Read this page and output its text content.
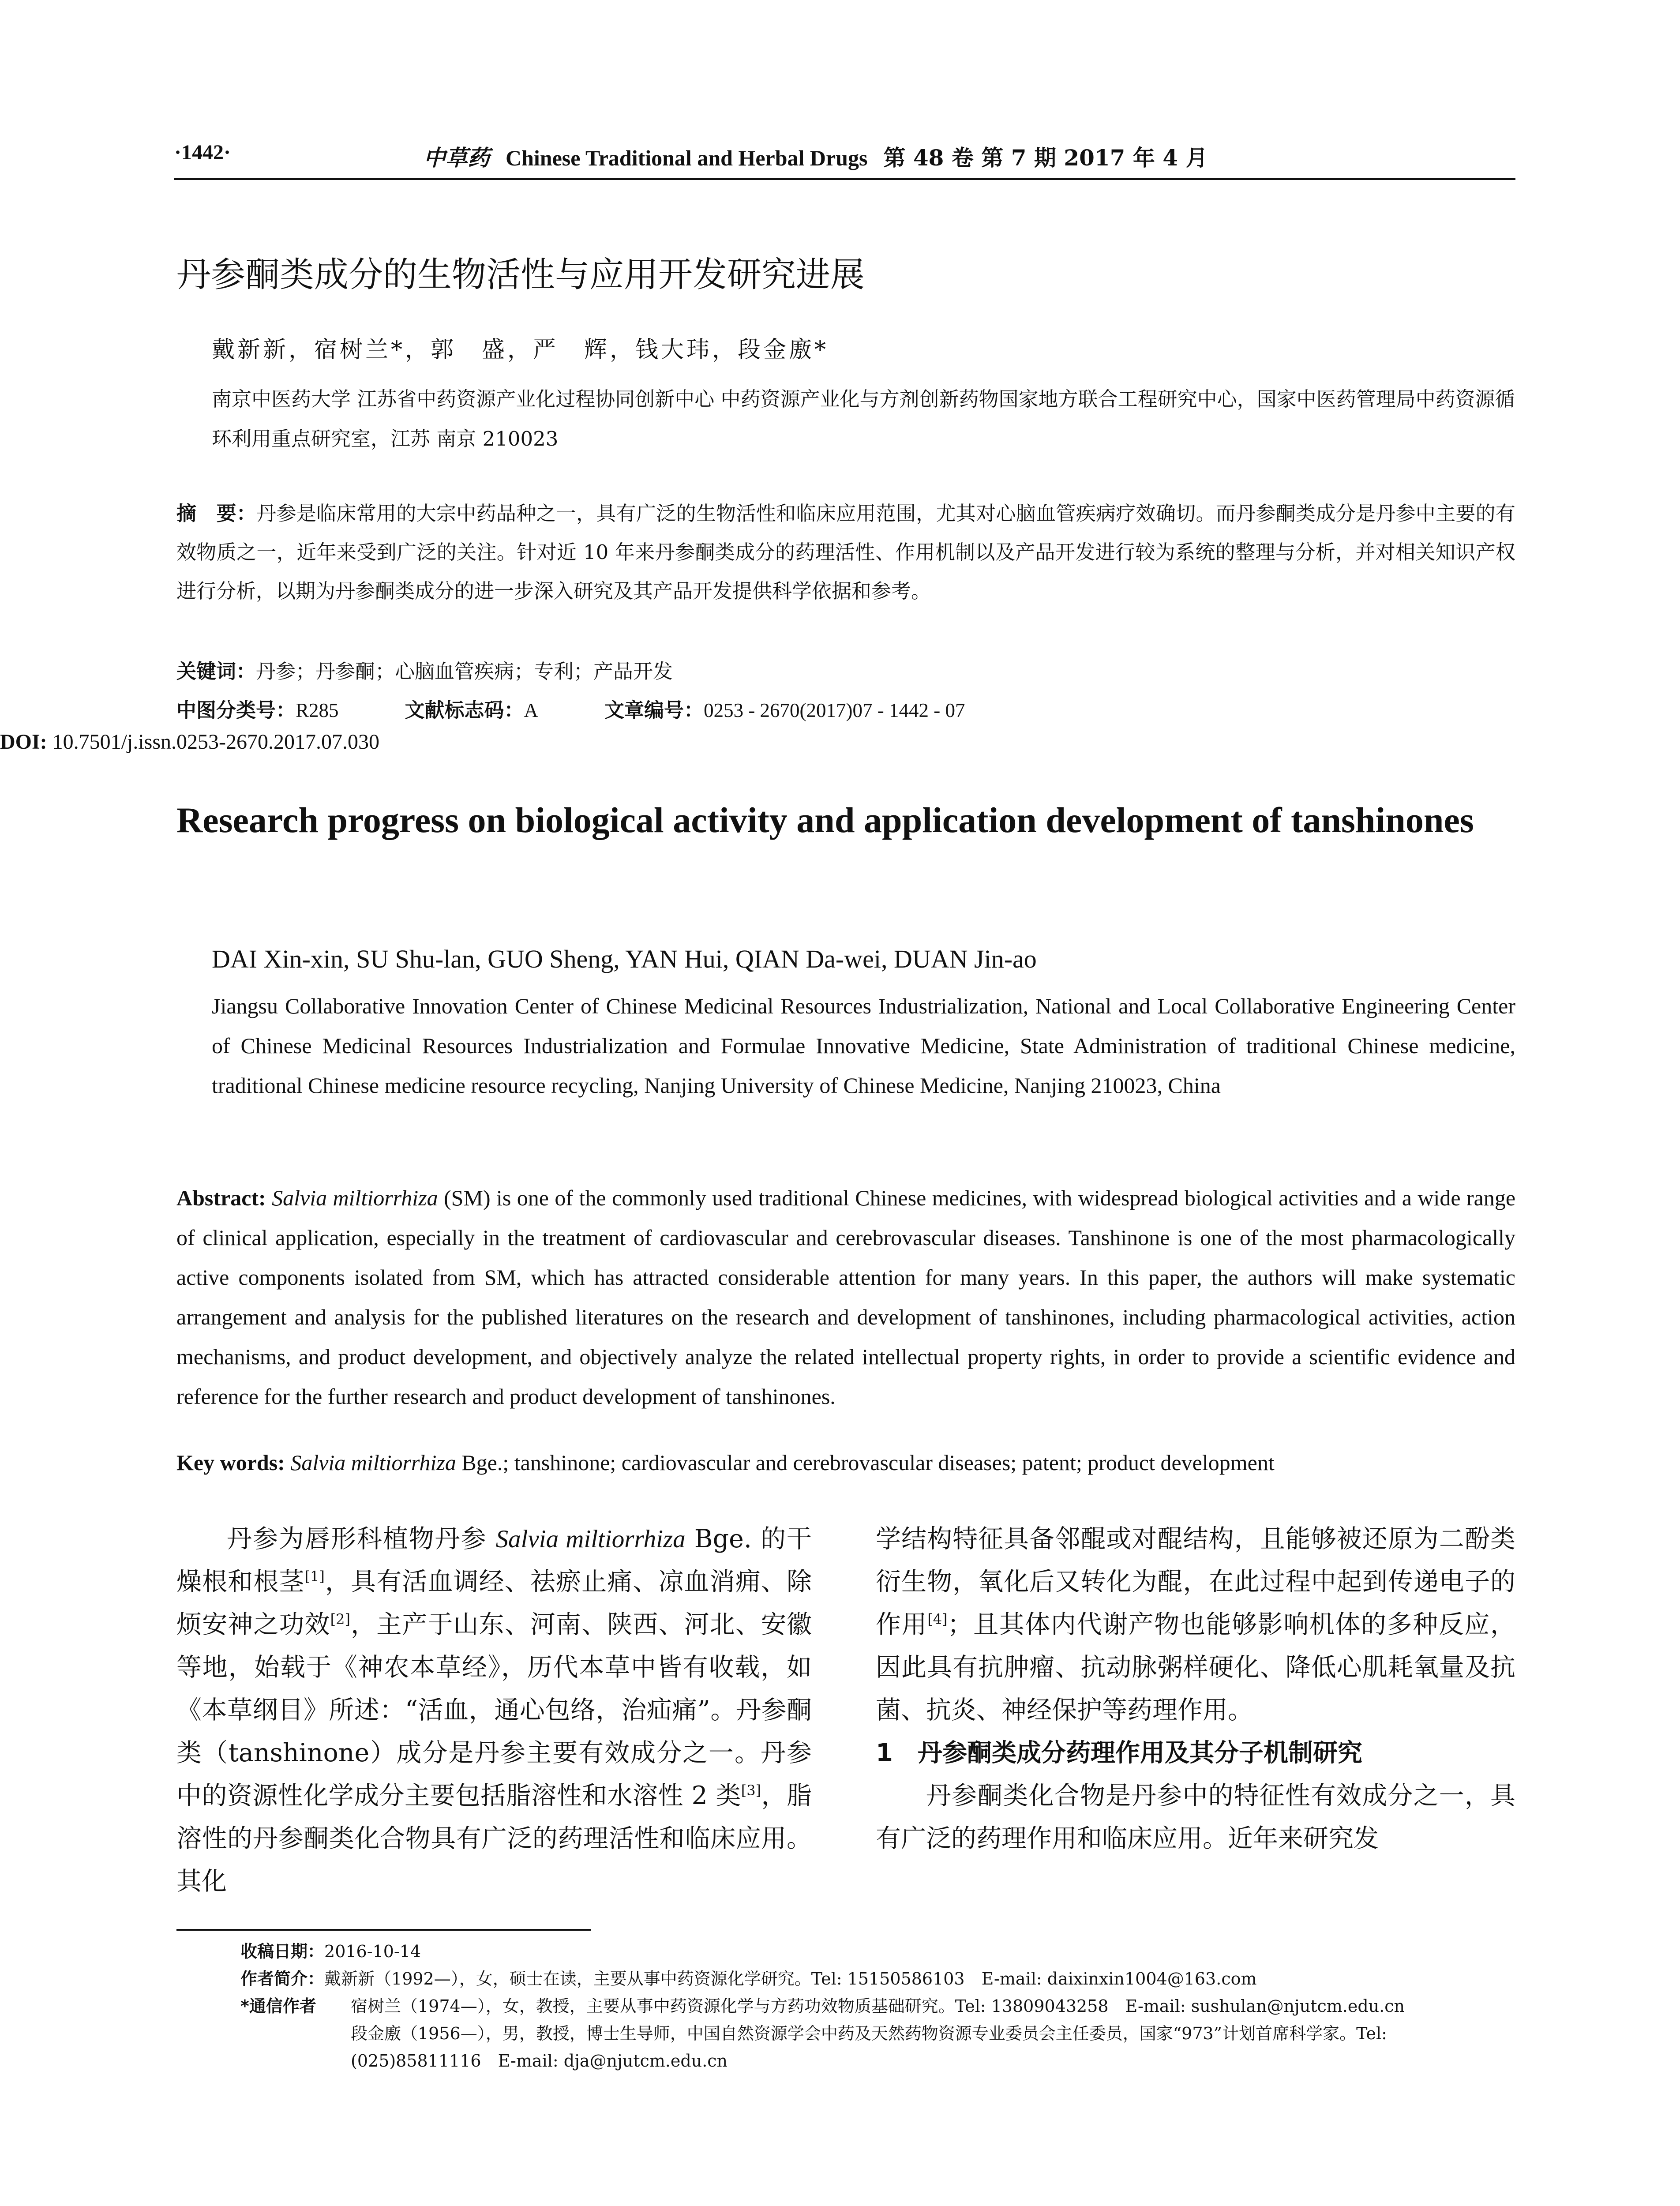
·1442·	中草药 Chinese Traditional and Herbal Drugs 第 48 卷 第 7 期 2017 年 4 月
丹参酮类成分的生物活性与应用开发研究进展
戴新新，宿树兰*，郭　盛，严　辉，钱大玮，段金廒*
南京中医药大学 江苏省中药资源产业化过程协同创新中心 中药资源产业化与方剂创新药物国家地方联合工程研究中心，国家中医药管理局中药资源循环利用重点研究室，江苏 南京 210023
摘　要：丹参是临床常用的大宗中药品种之一，具有广泛的生物活性和临床应用范围，尤其对心脑血管疾病疗效确切。而丹参酮类成分是丹参中主要的有效物质之一，近年来受到广泛的关注。针对近 10 年来丹参酮类成分的药理活性、作用机制以及产品开发进行较为系统的整理与分析，并对相关知识产权进行分析，以期为丹参酮类成分的进一步深入研究及其产品开发提供科学依据和参考。
关键词：丹参；丹参酮；心脑血管疾病；专利；产品开发
中图分类号：R285	文献标志码：A	文章编号：0253 - 2670(2017)07 - 1442 - 07
DOI: 10.7501/j.issn.0253-2670.2017.07.030
Research progress on biological activity and application development of tanshinones
DAI Xin-xin, SU Shu-lan, GUO Sheng, YAN Hui, QIAN Da-wei, DUAN Jin-ao
Jiangsu Collaborative Innovation Center of Chinese Medicinal Resources Industrialization, National and Local Collaborative Engineering Center of Chinese Medicinal Resources Industrialization and Formulae Innovative Medicine, State Administration of traditional Chinese medicine, traditional Chinese medicine resource recycling, Nanjing University of Chinese Medicine, Nanjing 210023, China
Abstract: Salvia miltiorrhiza (SM) is one of the commonly used traditional Chinese medicines, with widespread biological activities and a wide range of clinical application, especially in the treatment of cardiovascular and cerebrovascular diseases. Tanshinone is one of the most pharmacologically active components isolated from SM, which has attracted considerable attention for many years. In this paper, the authors will make systematic arrangement and analysis for the published literatures on the research and development of tanshinones, including pharmacological activities, action mechanisms, and product development, and objectively analyze the related intellectual property rights, in order to provide a scientific evidence and reference for the further research and product development of tanshinones.
Key words: Salvia miltiorrhiza Bge.; tanshinone; cardiovascular and cerebrovascular diseases; patent; product development
丹参为唇形科植物丹参 Salvia miltiorrhiza Bge. 的干燥根和根茎[1]，具有活血调经、祛瘀止痛、凉血消痈、除烦安神之功效[2]，主产于山东、河南、陕西、河北、安徽等地，始载于《神农本草经》，历代本草中皆有收载，如《本草纲目》所述：“活血，通心包络，治疝痛”。丹参酮类（tanshinone）成分是丹参主要有效成分之一。丹参中的资源性化学成分主要包括脂溶性和水溶性 2 类[3]，脂溶性的丹参酮类化合物具有广泛的药理活性和临床应用。其化
学结构特征具备邻醌或对醌结构，且能够被还原为二酚类衍生物，氧化后又转化为醌，在此过程中起到传递电子的作用[4]；且其体内代谢产物也能够影响机体的多种反应，因此具有抗肿瘤、抗动脉粥样硬化、降低心肌耗氧量及抗菌、抗炎、神经保护等药理作用。
1　丹参酮类成分药理作用及其分子机制研究
丹参酮类化合物是丹参中的特征性有效成分之一，具有广泛的药理作用和临床应用。近年来研究发
收稿日期：2016-10-14
作者简介：戴新新（1992—），女，硕士在读，主要从事中药资源化学研究。Tel: 15150586103　E-mail: daixinxin1004@163.com
*通信作者	宿树兰（1974—），女，教授，主要从事中药资源化学与方药功效物质基础研究。Tel: 13809043258　E-mail: sushulan@njutcm.edu.cn
段金廒（1956—），男，教授，博士生导师，中国自然资源学会中药及天然药物资源专业委员会主任委员，国家“973”计划首席科学家。Tel: (025)85811116　E-mail: dja@njutcm.edu.cn
